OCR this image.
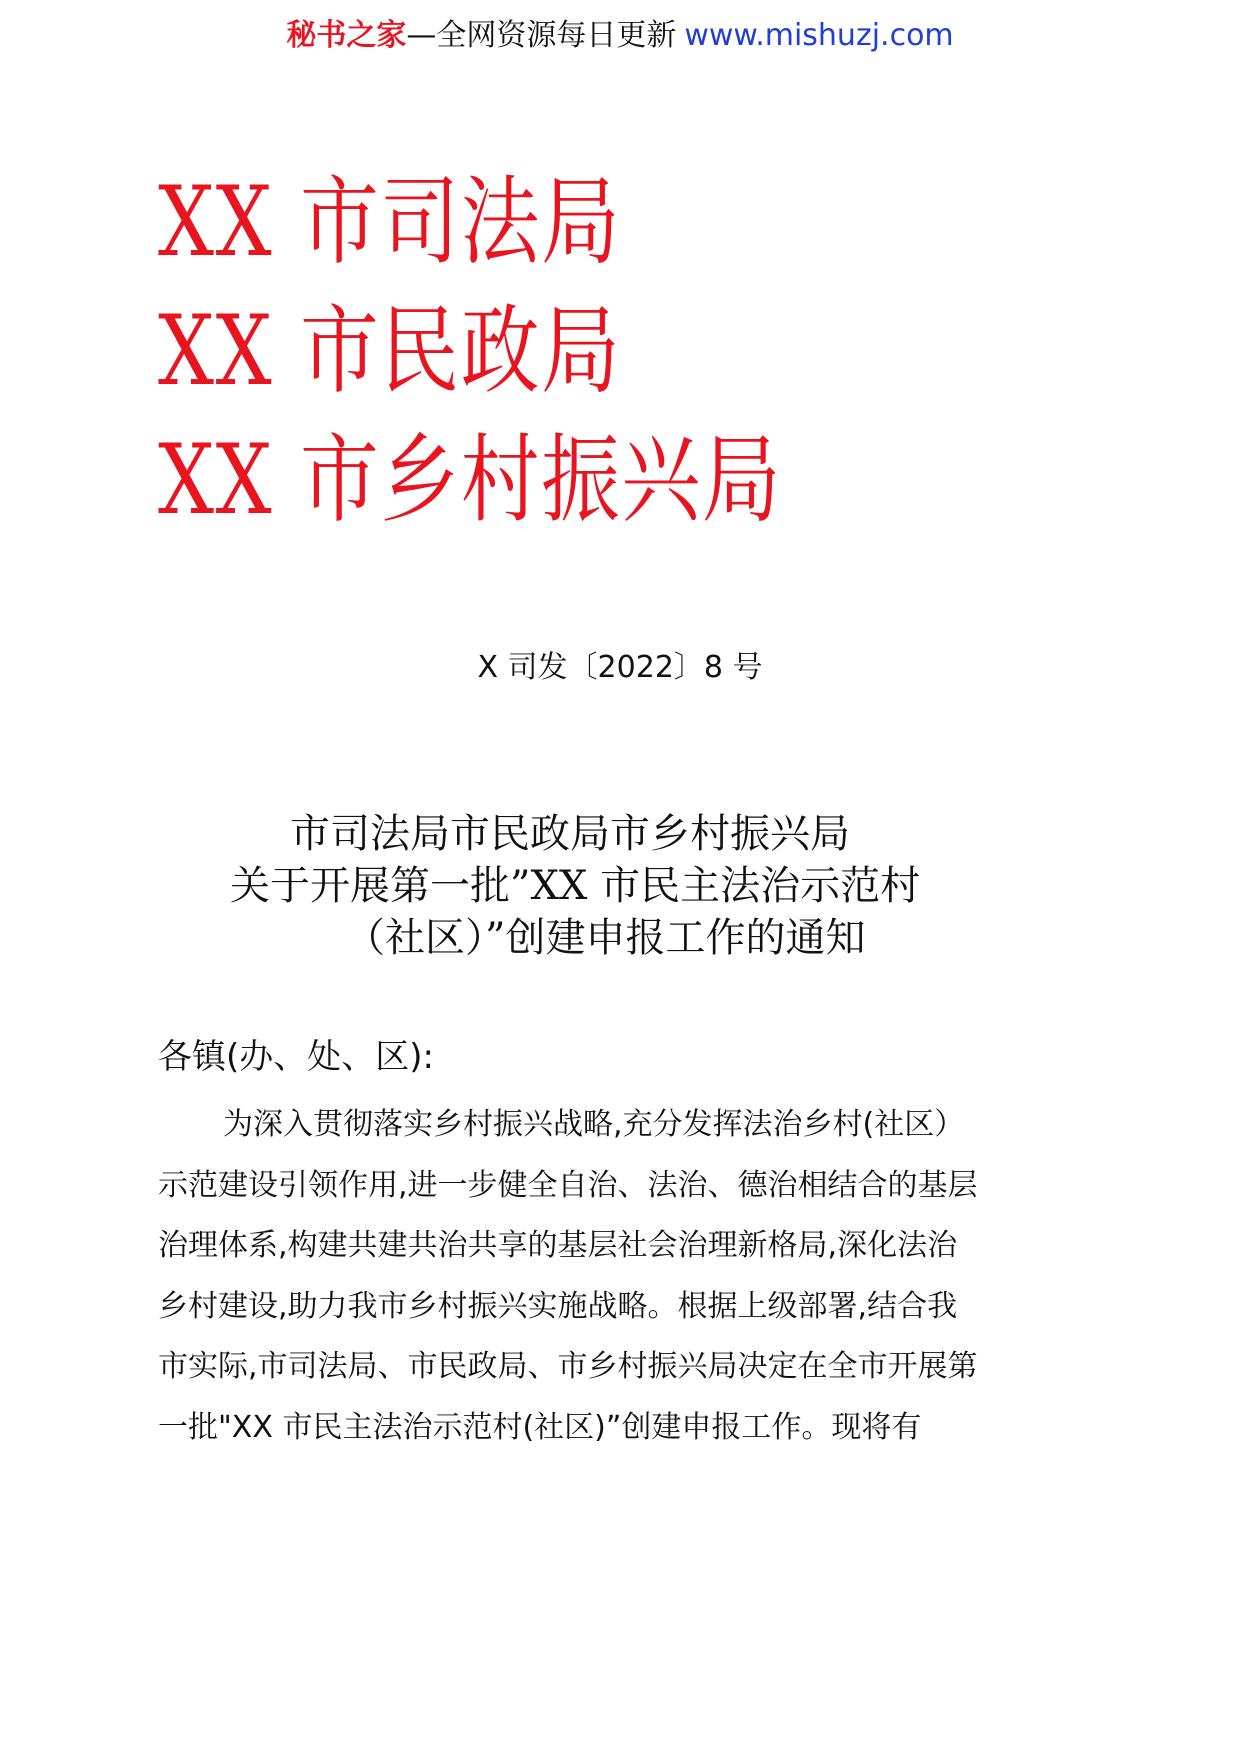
秘书之家—全网资源每日更新 www.mishuzj.com
XX 市司法局
XX 市民政局
XX 市乡村振兴局
X 司发〔2022〕8 号
市司法局市民政局市乡村振兴局
关于开展第一批”XX 市民主法治示范村
（社区）”创建申报工作的通知
各镇(办、处、区):
为深入贯彻落实乡村振兴战略,充分发挥法治乡村(社区）
示范建设引领作用,进一步健全自治、法治、德治相结合的基层
治理体系,构建共建共治共享的基层社会治理新格局,深化法治
乡村建设,助力我市乡村振兴实施战略。根据上级部署,结合我
市实际,市司法局、市民政局、市乡村振兴局决定在全市开展第
一批"XX 市民主法治示范村(社区)”创建申报工作。现将有
